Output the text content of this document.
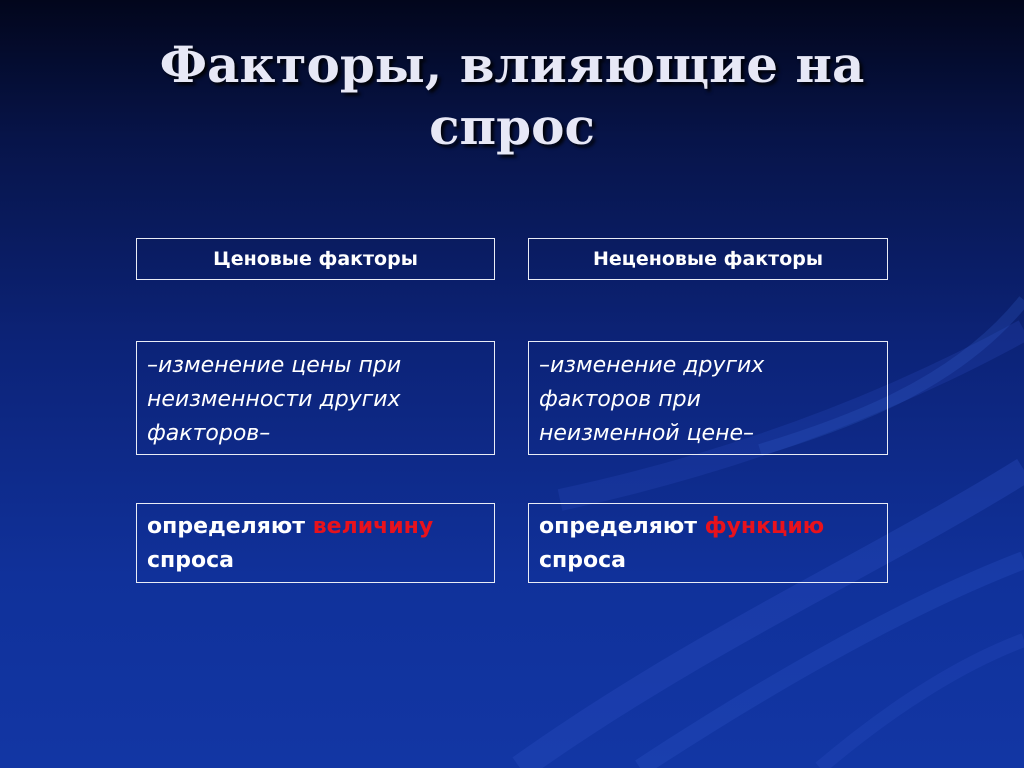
Факторы, влияющие на
спрос
Ценовые факторы
–изменение цены при
неизменности других
факторов–
определяют величину
спроса
Неценовые факторы
–изменение других
факторов при
неизменной цене–
определяют функцию
спроса
